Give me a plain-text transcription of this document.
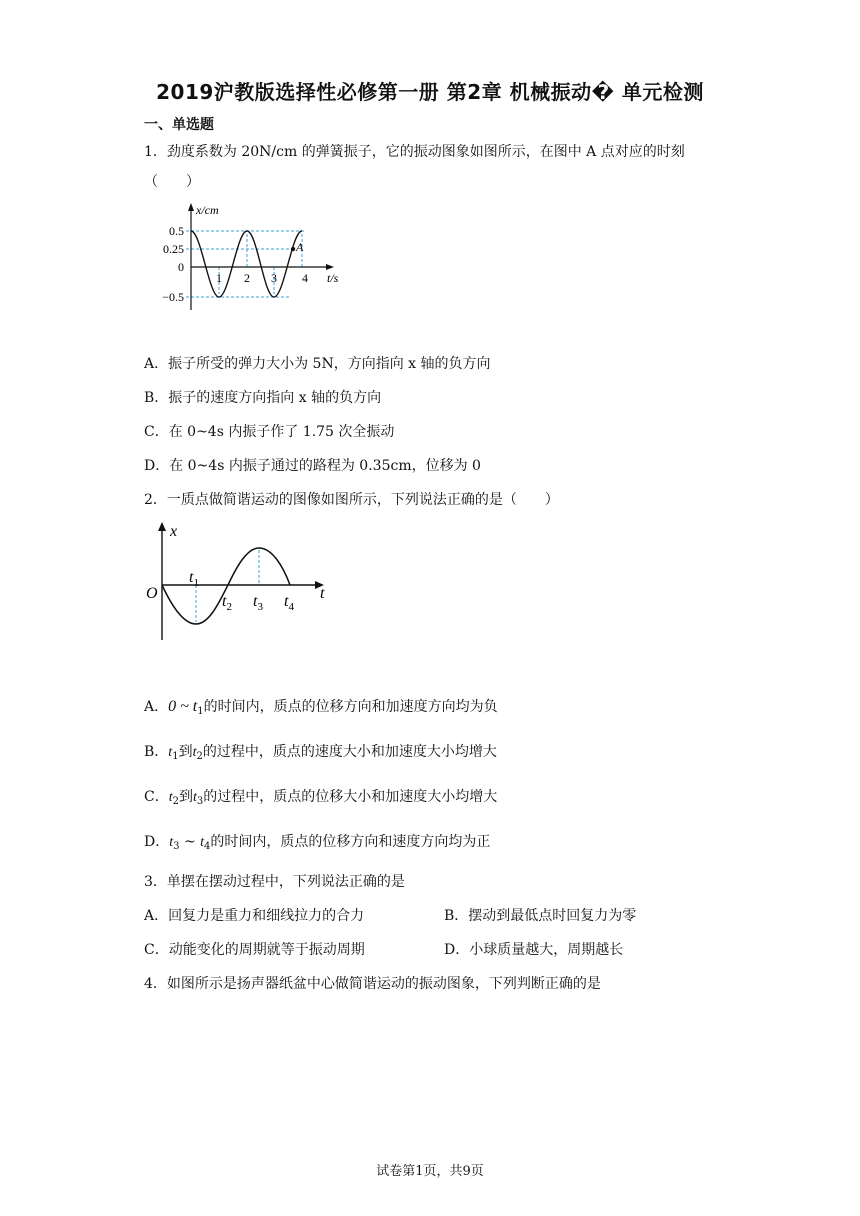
2019沪教版选择性必修第一册 第2章 机械振动� 单元检测
一、单选题
1．劲度系数为 20N/cm 的弹簧振子，它的振动图象如图所示，在图中 A 点对应的时刻
（　　）
x/cm
t/s
A
0.5
0.25
0
−0.5
1 2 3 4
A．振子所受的弹力大小为 5N，方向指向 x 轴的负方向
B．振子的速度方向指向 x 轴的负方向
C．在 0~4s 内振子作了 1.75 次全振动
D．在 0~4s 内振子通过的路程为 0.35cm，位移为 0
2．一质点做简谐运动的图像如图所示，下列说法正确的是（　　）
x
t
O
$t_1$
$t_2$ $t_3$ $t_4$
A．0 ~ $t_1$的时间内，质点的位移方向和加速度方向均为负
B．$t_1$到$t_2$的过程中，质点的速度大小和加速度大小均增大
C．$t_2$到$t_3$的过程中，质点的位移大小和加速度大小均增大
D．$t_3$ ~ $t_4$的时间内，质点的位移方向和速度方向均为正
3．单摆在摆动过程中，下列说法正确的是
A．回复力是重力和细线拉力的合力	B．摆动到最低点时回复力为零
C．动能变化的周期就等于振动周期	D．小球质量越大，周期越长
4．如图所示是扬声器纸盆中心做简谐运动的振动图象，下列判断正确的是
试卷第1页，共9页
